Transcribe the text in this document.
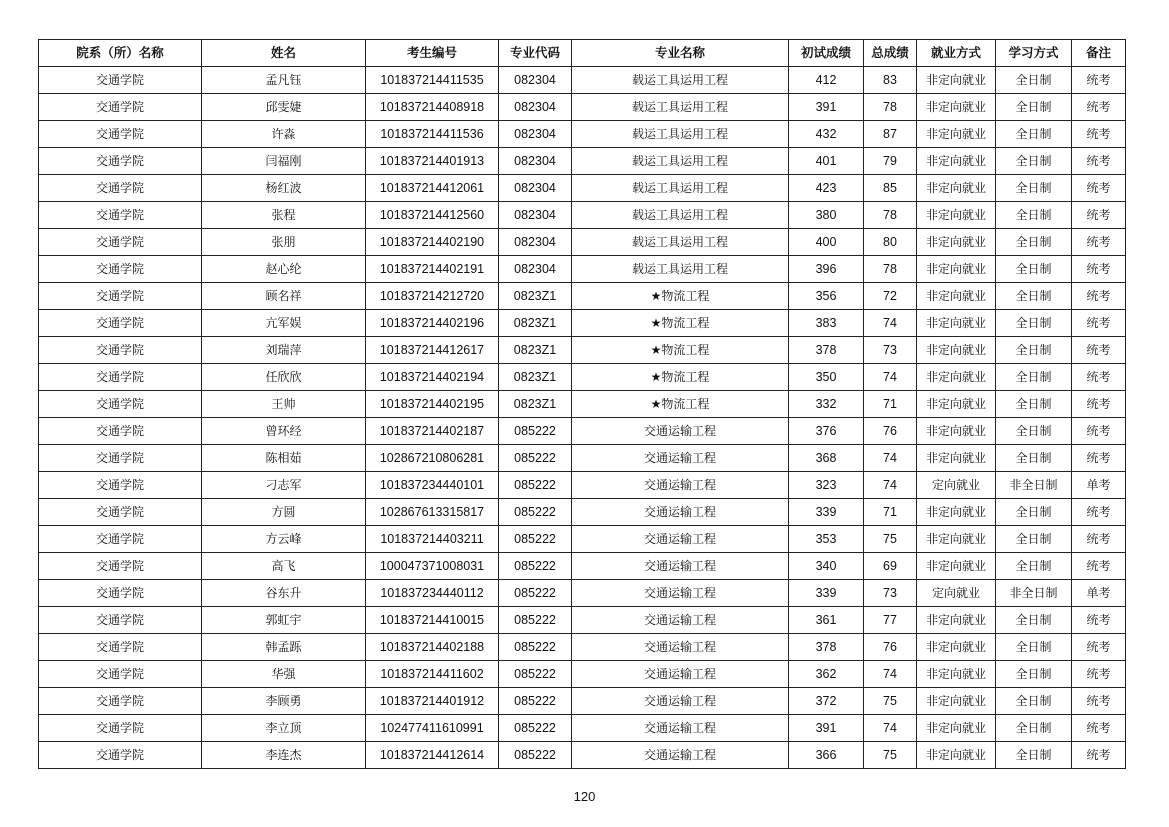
院系（所）名称	姓名	考生编号	专业代码	专业名称	初试成绩	总成绩	就业方式	学习方式	备注
交通学院	孟凡钰	101837214411535	082304	载运工具运用工程	412	83	非定向就业	全日制	统考
交通学院	邱雯婕	101837214408918	082304	载运工具运用工程	391	78	非定向就业	全日制	统考
交通学院	许淼	101837214411536	082304	载运工具运用工程	432	87	非定向就业	全日制	统考
交通学院	闫福刚	101837214401913	082304	载运工具运用工程	401	79	非定向就业	全日制	统考
交通学院	杨红波	101837214412061	082304	载运工具运用工程	423	85	非定向就业	全日制	统考
交通学院	张程	101837214412560	082304	载运工具运用工程	380	78	非定向就业	全日制	统考
交通学院	张朋	101837214402190	082304	载运工具运用工程	400	80	非定向就业	全日制	统考
交通学院	赵心纶	101837214402191	082304	载运工具运用工程	396	78	非定向就业	全日制	统考
交通学院	顾名祥	101837214212720	0823Z1	★物流工程	356	72	非定向就业	全日制	统考
交通学院	亢军娱	101837214402196	0823Z1	★物流工程	383	74	非定向就业	全日制	统考
交通学院	刘瑞萍	101837214412617	0823Z1	★物流工程	378	73	非定向就业	全日制	统考
交通学院	任欣欣	101837214402194	0823Z1	★物流工程	350	74	非定向就业	全日制	统考
交通学院	王帅	101837214402195	0823Z1	★物流工程	332	71	非定向就业	全日制	统考
交通学院	曾环经	101837214402187	085222	交通运输工程	376	76	非定向就业	全日制	统考
交通学院	陈相茹	102867210806281	085222	交通运输工程	368	74	非定向就业	全日制	统考
交通学院	刁志军	101837234440101	085222	交通运输工程	323	74	定向就业	非全日制	单考
交通学院	方圆	102867613315817	085222	交通运输工程	339	71	非定向就业	全日制	统考
交通学院	方云峰	101837214403211	085222	交通运输工程	353	75	非定向就业	全日制	统考
交通学院	高飞	100047371008031	085222	交通运输工程	340	69	非定向就业	全日制	统考
交通学院	谷东升	101837234440112	085222	交通运输工程	339	73	定向就业	非全日制	单考
交通学院	郭虹宇	101837214410015	085222	交通运输工程	361	77	非定向就业	全日制	统考
交通学院	韩孟跞	101837214402188	085222	交通运输工程	378	76	非定向就业	全日制	统考
交通学院	华强	101837214411602	085222	交通运输工程	362	74	非定向就业	全日制	统考
交通学院	李顾勇	101837214401912	085222	交通运输工程	372	75	非定向就业	全日制	统考
交通学院	李立顶	102477411610991	085222	交通运输工程	391	74	非定向就业	全日制	统考
交通学院	李连杰	101837214412614	085222	交通运输工程	366	75	非定向就业	全日制	统考
120
